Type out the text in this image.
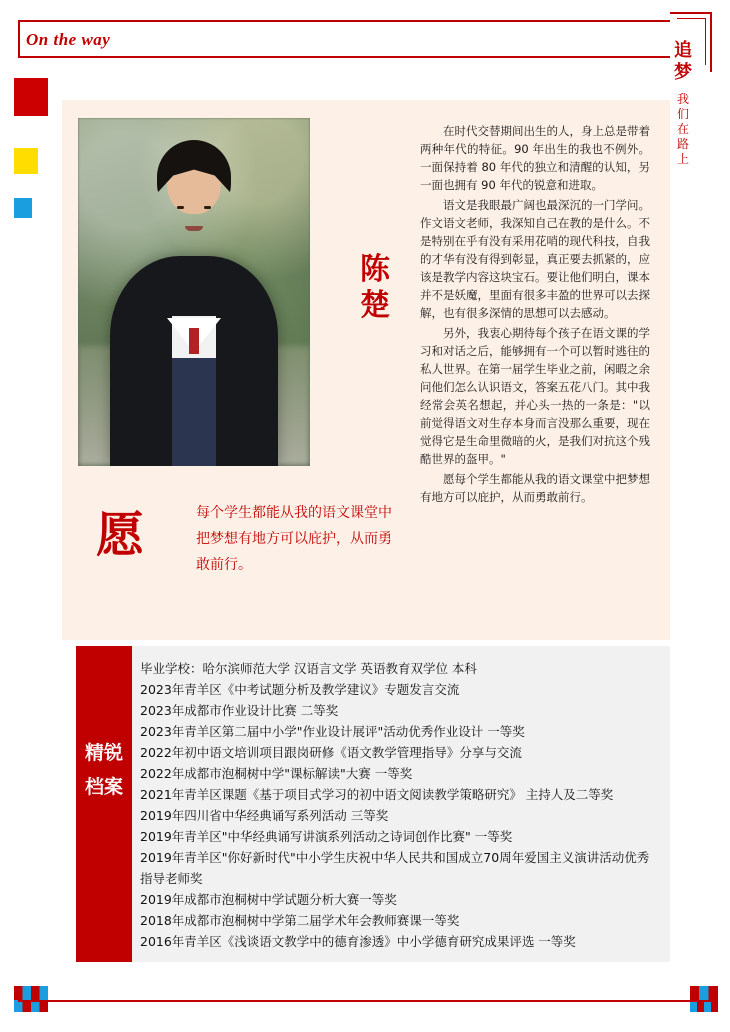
On the way
追梦
我们在路上
陈楚

在时代交替期间出生的人，身上总是带着两种年代的特征。90 年出生的我也不例外。一面保持着 80 年代的独立和清醒的认知，另一面也拥有 90 年代的锐意和进取。

语文是我眼最广阔也最深沉的一门学问。作文语文老师，我深知自己在教的是什么。不是特别在乎有没有采用花哨的现代科技，自我的才华有没有得到彰显，真正要去抓紧的，应该是教学内容这块宝石。要让他们明白，课本并不是妖魔，里面有很多丰盈的世界可以去探解，也有很多深情的思想可以去感动。

另外，我衷心期待每个孩子在语文课的学习和对话之后，能够拥有一个可以暂时逃往的私人世界。在第一届学生毕业之前，闲暇之余问他们怎么认识语文，答案五花八门。其中我经常会英名想起，并心头一热的一条是："以前觉得语文对生存本身而言没那么重要，现在觉得它是生命里微暗的火，是我们对抗这个残酷世界的盔甲。"

愿每个学生都能从我的语文课堂中把梦想有地方可以庇护，从而勇敢前行。

愿	每个学生都能从我的语文课堂中把梦想有地方可以庇护，从而勇敢前行。
精锐档案
毕业学校：哈尔滨师范大学 汉语言文学 英语教育双学位 本科
2023年青羊区《中考试题分析及教学建议》专题发言交流
2023年成都市作业设计比赛 二等奖
2023年青羊区第二届中小学"作业设计展评"活动优秀作业设计 一等奖
2022年初中语文培训项目跟岗研修《语文教学管理指导》分享与交流
2022年成都市泡桐树中学"课标解读"大赛 一等奖
2021年青羊区课题《基于项目式学习的初中语文阅读教学策略研究》 主持人及二等奖
2019年四川省中华经典诵写系列活动 三等奖
2019年青羊区"中华经典诵写讲演系列活动之诗词创作比赛" 一等奖
2019年青羊区"你好新时代"中小学生庆祝中华人民共和国成立70周年爱国主义演讲活动优秀指导老师奖
2019年成都市泡桐树中学试题分析大赛一等奖
2018年成都市泡桐树中学第二届学术年会教师赛课一等奖
2016年青羊区《浅谈语文教学中的德育渗透》中小学德育研究成果评选 一等奖
